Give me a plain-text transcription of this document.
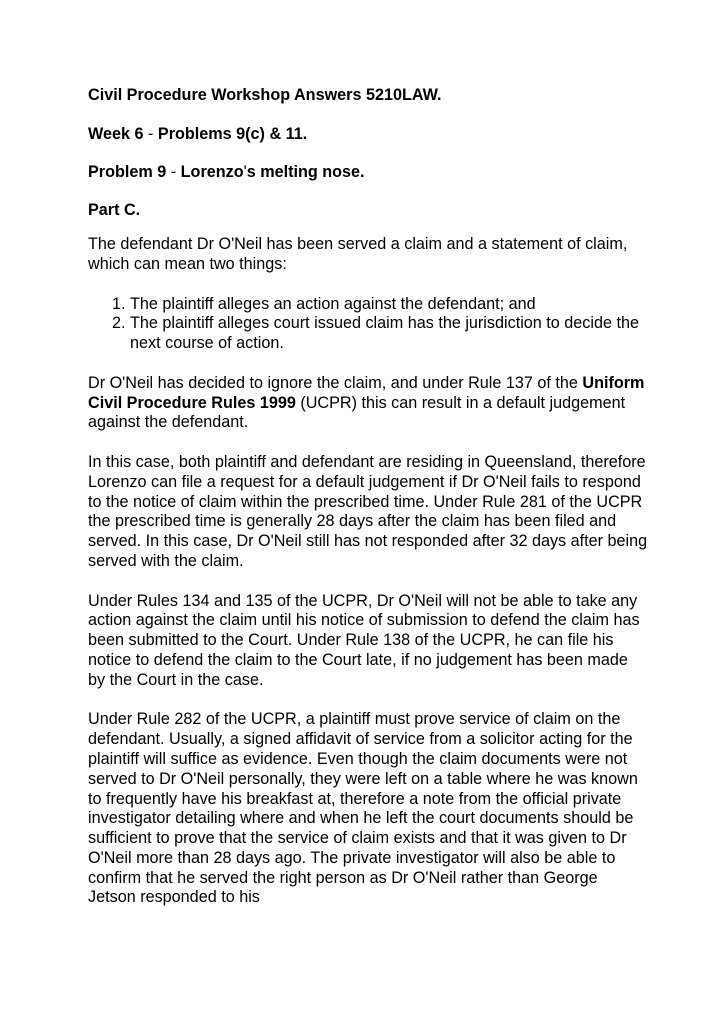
Civil Procedure Workshop Answers 5210LAW.
Week 6 - Problems 9(c) & 11.
Problem 9 - Lorenzo's melting nose.
Part C.

The defendant Dr O'Neil has been served a claim and a statement of claim, which can mean two things:

1. The plaintiff alleges an action against the defendant; and
2. The plaintiff alleges court issued claim has the jurisdiction to decide the next course of action.

Dr O'Neil has decided to ignore the claim, and under Rule 137 of the Uniform Civil Procedure Rules 1999 (UCPR) this can result in a default judgement against the defendant.

In this case, both plaintiff and defendant are residing in Queensland, therefore Lorenzo can file a request for a default judgement if Dr O'Neil fails to respond to the notice of claim within the prescribed time. Under Rule 281 of the UCPR the prescribed time is generally 28 days after the claim has been filed and served. In this case, Dr O'Neil still has not responded after 32 days after being served with the claim.

Under Rules 134 and 135 of the UCPR, Dr O'Neil will not be able to take any action against the claim until his notice of submission to defend the claim has been submitted to the Court. Under Rule 138 of the UCPR, he can file his notice to defend the claim to the Court late, if no judgement has been made by the Court in the case.

Under Rule 282 of the UCPR, a plaintiff must prove service of claim on the defendant. Usually, a signed affidavit of service from a solicitor acting for the plaintiff will suffice as evidence. Even though the claim documents were not served to Dr O'Neil personally, they were left on a table where he was known to frequently have his breakfast at, therefore a note from the official private investigator detailing where and when he left the court documents should be sufficient to prove that the service of claim exists and that it was given to Dr O'Neil more than 28 days ago. The private investigator will also be able to confirm that he served the right person as Dr O'Neil rather than George Jetson responded to his
